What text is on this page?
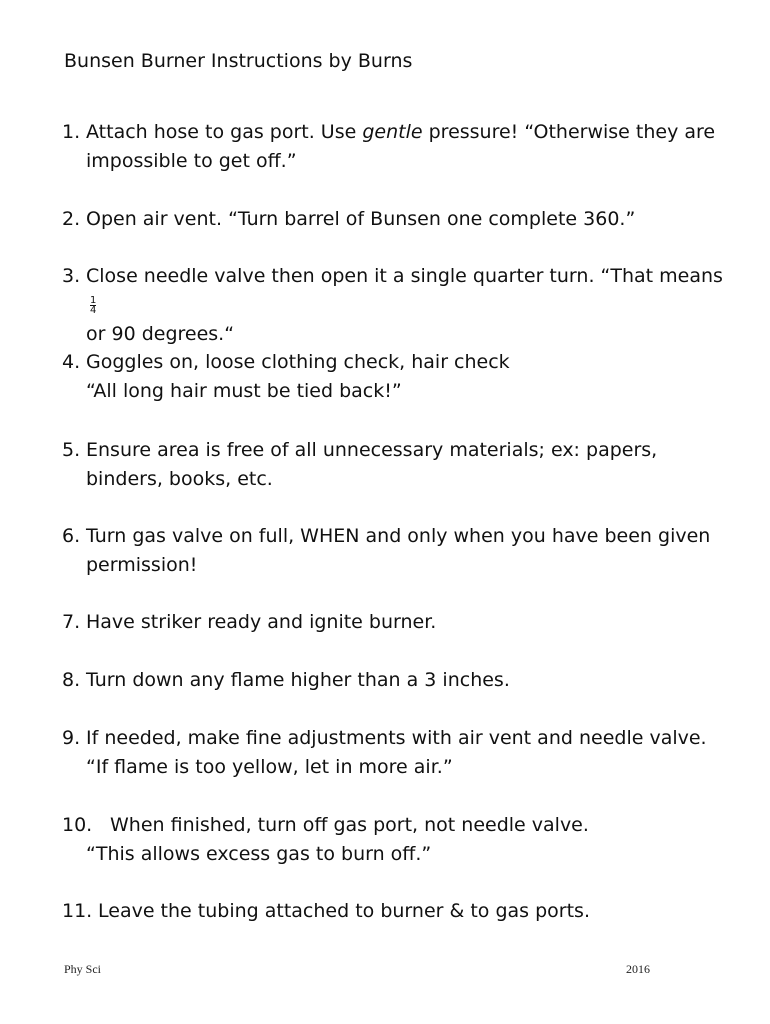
Bunsen Burner Instructions by Burns
1. Attach hose to gas port. Use gentle pressure! “Otherwise they are
impossible to get off.”
2. Open air vent. “Turn barrel of Bunsen one complete 360.”
3. Close needle valve then open it a single quarter turn. “That means
$\frac{1}{4}$
or 90 degrees.“
4. Goggles on, loose clothing check, hair check
“All long hair must be tied back!”
5. Ensure area is free of all unnecessary materials; ex: papers,
binders, books, etc.
6. Turn gas valve on full, WHEN and only when you have been given
permission!
7. Have striker ready and ignite burner.
8. Turn down any flame higher than a 3 inches.
9. If needed, make fine adjustments with air vent and needle valve.
“If flame is too yellow, let in more air.”
10. When finished, turn off gas port, not needle valve.
“This allows excess gas to burn off.”
11. Leave the tubing attached to burner & to gas ports.
Phy Sci	2016
